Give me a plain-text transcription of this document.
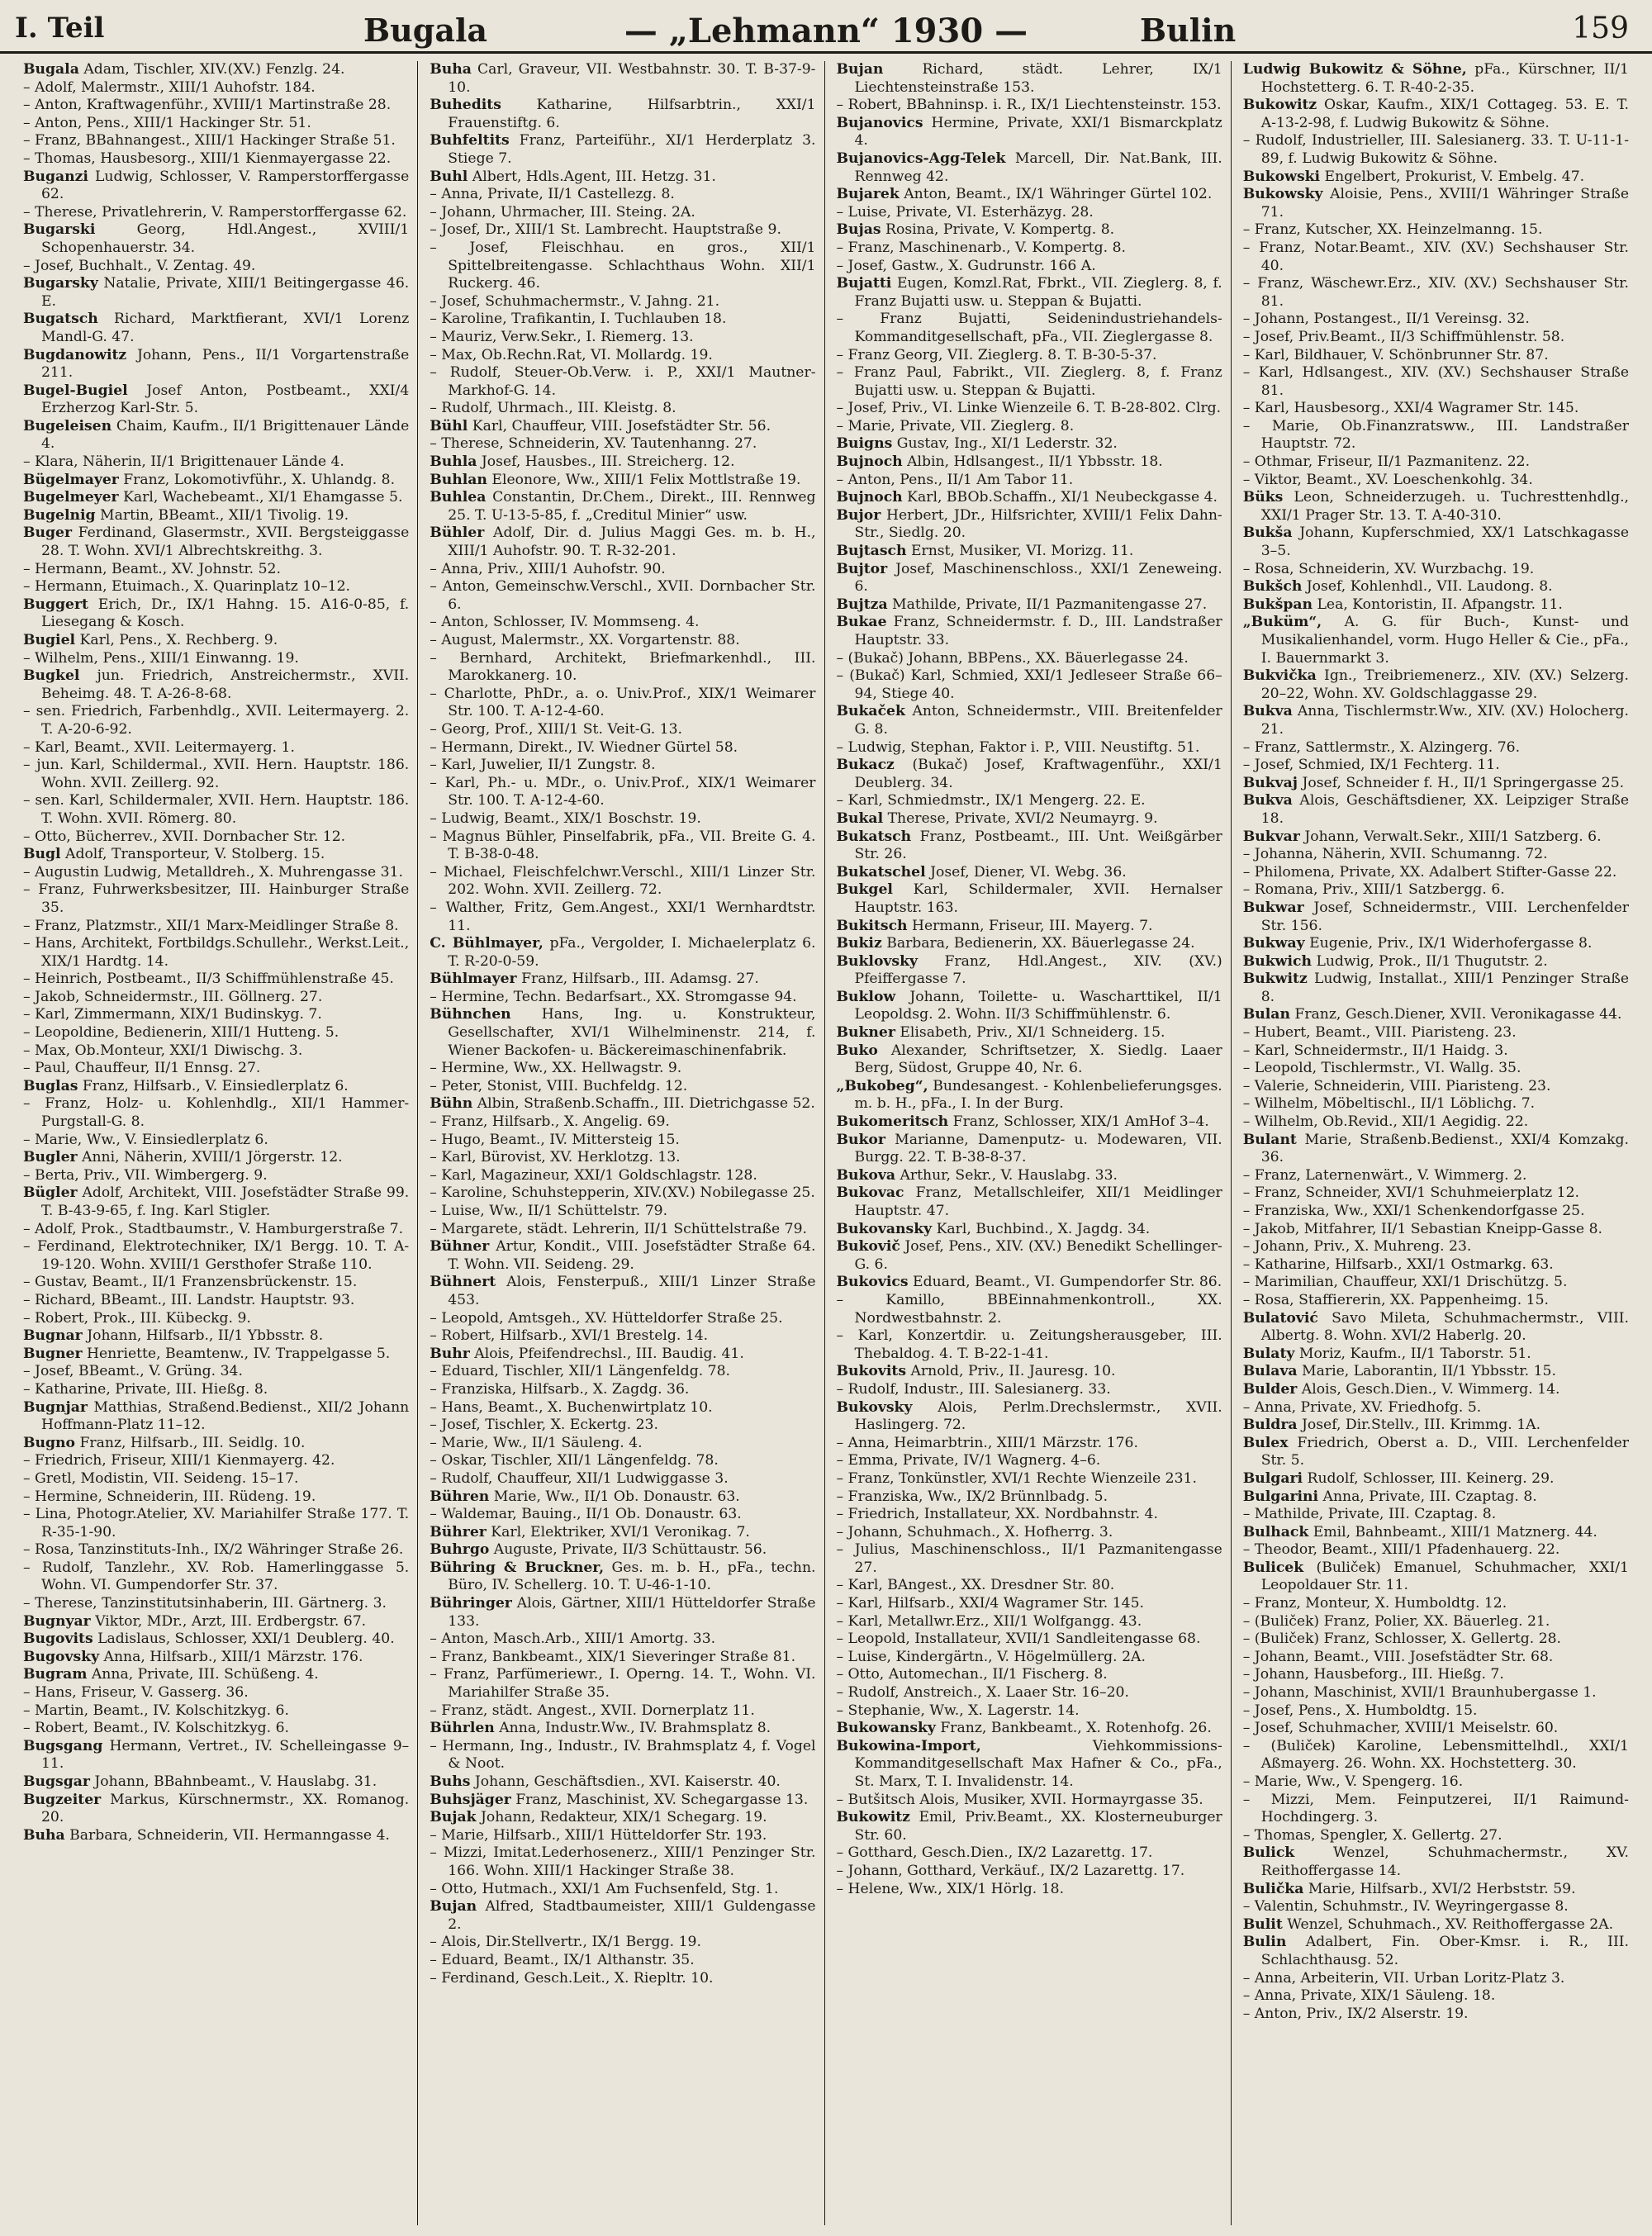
I. Teil	Bugala	— „Lehmann“ 1930 —	Bulin	159

Bugala Adam, Tischler, XIV.(XV.) Fenzlg. 24.

– Adolf, Malermstr., XIII/1 Auhofstr. 184.

– Anton, Kraftwagenführ., XVIII/1 Martinstraße 28.

– Anton, Pens., XIII/1 Hackinger Str. 51.

– Franz, BBahnangest., XIII/1 Hackinger Straße 51.

– Thomas, Hausbesorg., XIII/1 Kienmayergasse 22.

Buganzi Ludwig, Schlosser, V. Ramperstorffergasse 62.

– Therese, Privatlehrerin, V. Ramperstorffergasse 62.

Bugarski	Georg, Hdl.Angest., XVIII/1 Schopenhauerstr. 34.

– Josef, Buchhalt., V. Zentag. 49.

Bugarsky Natalie, Private, XIII/1 Beitingergasse 46. E.

Bugatsch Richard, Marktfierant, XVI/1 Lorenz Mandl-G. 47.

Bugdanowitz Johann, Pens., II/1 Vorgartenstraße 211.

Bugel-Bugiel Josef Anton, Postbeamt., XXI/4 Erzherzog Karl-Str. 5.

Bugeleisen Chaim, Kaufm., II/1 Brigittenauer Lände 4.

– Klara, Näherin, II/1 Brigittenauer Lände 4.

Bügelmayer Franz, Lokomotivführ., X. Uhlandg. 8.

Bugelmeyer Karl, Wachebeamt., XI/1 Ehamgasse 5.

Bugelnig Martin, BBeamt., XII/1 Tivolig. 19.

Buger Ferdinand, Glasermstr., XVII. Bergsteiggasse 28. T. Wohn. XVI/1 Albrechtskreithg. 3.

– Hermann, Beamt., XV. Johnstr. 52.

– Hermann, Etuimach., X. Quarinplatz 10–12.

Buggert Erich, Dr., IX/1 Hahng. 15. A16-0-85, f. Liesegang & Kosch.

Bugiel Karl, Pens., X. Rechberg. 9.

– Wilhelm, Pens., XIII/1 Einwanng. 19.

Bugkel jun. Friedrich, Anstreichermstr., XVII. Beheimg. 48. T. A-26-8-68.

– sen. Friedrich, Farbenhdlg., XVII. Leitermayerg. 2. T. A-20-6-92.

– Karl, Beamt., XVII. Leitermayerg. 1.

– jun. Karl, Schildermal., XVII. Hern. Hauptstr. 186. Wohn. XVII. Zeillerg. 92.

– sen. Karl, Schildermaler, XVII. Hern. Hauptstr. 186. T. Wohn. XVII. Römerg. 80.

– Otto, Bücherrev., XVII. Dornbacher Str. 12.

Bugl Adolf, Transporteur, V. Stolberg. 15.

– Augustin Ludwig, Metalldreh., X. Muhrengasse 31.

– Franz, Fuhrwerksbesitzer, III. Hainburger Straße 35.

– Franz, Platzmstr., XII/1 Marx-Meidlinger Straße 8.

– Hans, Architekt, Fortbildgs.Schullehr., Werkst.Leit., XIX/1 Hardtg. 14.

– Heinrich, Postbeamt., II/3 Schiffmühlenstraße 45.

– Jakob, Schneidermstr., III. Göllnerg. 27.

– Karl, Zimmermann, XIX/1 Budinskyg. 7.

– Leopoldine, Bedienerin, XIII/1 Hutteng. 5.

– Max, Ob.Monteur, XXI/1 Diwischg. 3.

– Paul, Chauffeur, II/1 Ennsg. 27.

Buglas Franz, Hilfsarb., V. Einsiedlerplatz 6.

– Franz, Holz- u. Kohlenhdlg., XII/1 Hammer-Purgstall-G. 8.

– Marie, Ww., V. Einsiedlerplatz 6.

Bugler Anni, Näherin, XVIII/1 Jörgerstr. 12.

– Berta, Priv., VII. Wimbergerg. 9.

Bügler Adolf, Architekt, VIII. Josefstädter Straße 99. T. B-43-9-65, f. Ing. Karl Stigler.

– Adolf, Prok., Stadtbaumstr., V. Hamburgerstraße 7.

– Ferdinand, Elektrotechniker, IX/1 Bergg. 10. T. A-19-120. Wohn. XVIII/1 Gersthofer Straße 110.

– Gustav, Beamt., II/1 Franzensbrückenstr. 15.

– Richard, BBeamt., III. Landstr. Hauptstr. 93.

– Robert, Prok., III. Kübeckg. 9.

Bugnar Johann, Hilfsarb., II/1 Ybbsstr. 8.

Bugner Henriette, Beamtenw., IV. Trappelgasse 5.

– Josef, BBeamt., V. Grüng. 34.

– Katharine, Private, III. Hießg. 8.

Bugnjar Matthias, Straßend.Bedienst., XII/2 Johann Hoffmann-Platz 11–12.

Bugno Franz, Hilfsarb., III. Seidlg. 10.

– Friedrich, Friseur, XIII/1 Kienmayerg. 42.

– Gretl, Modistin, VII. Seideng. 15–17.

– Hermine, Schneiderin, III. Rüdeng. 19.

– Lina, Photogr.Atelier, XV. Mariahilfer Straße 177. T. R-35-1-90.

– Rosa, Tanzinstituts-Inh., IX/2 Währinger Straße 26.

– Rudolf, Tanzlehr., XV. Rob. Hamerlinggasse 5. Wohn. VI. Gumpendorfer Str. 37.

– Therese, Tanzinstitutsinhaberin, III. Gärtnerg. 3.

Bugnyar Viktor, MDr., Arzt, III. Erdbergstr. 67.

Bugovits Ladislaus, Schlosser, XXI/1 Deublerg. 40.

Bugovsky Anna, Hilfsarb., XIII/1 Märzstr. 176.

Bugram Anna, Private, III. Schüßeng. 4.

– Hans, Friseur, V. Gasserg. 36.

– Martin, Beamt., IV. Kolschitzkyg. 6.

– Robert, Beamt., IV. Kolschitzkyg. 6.

Bugsgang Hermann, Vertret., IV. Schelleingasse 9–11.

Bugsgar Johann, BBahnbeamt., V. Hauslabg. 31.

Bugzeiter Markus, Kürschnermstr., XX. Romanog. 20.

Buha Barbara, Schneiderin, VII. Hermanngasse 4.

Buha Carl, Graveur, VII. Westbahnstr. 30. T. B-37-9-10.

Buhedits Katharine, Hilfsarbtrin., XXI/1 Frauenstiftg. 6.

Buhfeltits Franz, Parteiführ., XI/1 Herderplatz 3. Stiege 7.

Buhl Albert, Hdls.Agent, III. Hetzg. 31.

– Anna, Private, II/1 Castellezg. 8.

– Johann, Uhrmacher, III. Steing. 2A.

– Josef, Dr., XIII/1 St. Lambrecht. Hauptstraße 9.

– Josef, Fleischhau. en gros., XII/1 Spittelbreitengasse. Schlachthaus Wohn. XII/1 Ruckerg. 46.

– Josef, Schuhmachermstr., V. Jahng. 21.

– Karoline, Trafikantin, I. Tuchlauben 18.

– Mauriz, Verw.Sekr., I. Riemerg. 13.

– Max, Ob.Rechn.Rat, VI. Mollardg. 19.

– Rudolf, Steuer-Ob.Verw. i. P., XXI/1 Mautner-Markhof-G. 14.

– Rudolf, Uhrmach., III. Kleistg. 8.

Bühl Karl, Chauffeur, VIII. Josefstädter Str. 56.

– Therese, Schneiderin, XV. Tautenhanng. 27.

Buhla Josef, Hausbes., III. Streicherg. 12.

Buhlan Eleonore, Ww., XIII/1 Felix Mottlstraße 19.

Buhlea Constantin, Dr.Chem., Direkt., III. Rennweg 25. T. U-13-5-85, f. „Creditul Minier“ usw.

Bühler Adolf, Dir. d. Julius Maggi Ges. m. b. H., XIII/1 Auhofstr. 90. T. R-32-201.

– Anna, Priv., XIII/1 Auhofstr. 90.

– Anton, Gemeinschw.Verschl., XVII. Dornbacher Str. 6.

– Anton, Schlosser, IV. Mommseng. 4.

– August, Malermstr., XX. Vorgartenstr. 88.

– Bernhard, Architekt, Briefmarkenhdl., III. Marokkanerg. 10.

– Charlotte, PhDr., a. o. Univ.Prof., XIX/1 Weimarer Str. 100. T. A-12-4-60.

– Georg, Prof., XIII/1 St. Veit-G. 13.

– Hermann, Direkt., IV. Wiedner Gürtel 58.

– Karl, Juwelier, II/1 Zungstr. 8.

– Karl, Ph.- u. MDr., o. Univ.Prof., XIX/1 Weimarer Str. 100. T. A-12-4-60.

– Ludwig, Beamt., XIX/1 Boschstr. 19.

– Magnus Bühler, Pinselfabrik, pFa., VII. Breite G. 4. T. B-38-0-48.

– Michael, Fleischfelchwr.Verschl., XIII/1 Linzer Str. 202. Wohn. XVII. Zeillerg. 72.

– Walther, Fritz, Gem.Angest., XXI/1 Wernhardtstr. 11.

C. Bühlmayer, pFa., Vergolder, I. Michaelerplatz 6. T. R-20-0-59.

Bühlmayer Franz, Hilfsarb., III. Adamsg. 27.

– Hermine, Techn. Bedarfsart., XX. Stromgasse 94.

Bühnchen Hans, Ing. u. Konstrukteur, Gesellschafter, XVI/1 Wilhelminenstr. 214, f. Wiener Backofen- u. Bäckereimaschinenfabrik.

– Hermine, Ww., XX. Hellwagstr. 9.

– Peter, Stonist, VIII. Buchfeldg. 12.

Bühn Albin, Straßenb.Schaffn., III. Dietrichgasse 52.

– Franz, Hilfsarb., X. Angelig. 69.

– Hugo, Beamt., IV. Mittersteig 15.

– Karl, Bürovist, XV. Herklotzg. 13.

– Karl, Magazineur, XXI/1 Goldschlagstr. 128.

– Karoline, Schuhstepperin, XIV.(XV.) Nobilegasse 25.

– Luise, Ww., II/1 Schüttelstr. 79.

– Margarete, städt. Lehrerin, II/1 Schüttelstraße 79.

Bühner Artur, Kondit., VIII. Josefstädter Straße 64. T. Wohn. VII. Seideng. 29.

Bühnert Alois, Fensterpuß., XIII/1 Linzer Straße 453.

– Leopold, Amtsgeh., XV. Hütteldorfer Straße 25.

– Robert, Hilfsarb., XVI/1 Brestelg. 14.

Buhr Alois, Pfeifendrechsl., III. Baudig. 41.

– Eduard, Tischler, XII/1 Längenfeldg. 78.

– Franziska, Hilfsarb., X. Zagdg. 36.

– Hans, Beamt., X. Buchenwirtplatz 10.

– Josef, Tischler, X. Eckertg. 23.

– Marie, Ww., II/1 Säuleng. 4.

– Oskar, Tischler, XII/1 Längenfeldg. 78.

– Rudolf, Chauffeur, XII/1 Ludwiggasse 3.

Bühren Marie, Ww., II/1 Ob. Donaustr. 63.

– Waldemar, Bauing., II/1 Ob. Donaustr. 63.

Bührer Karl, Elektriker, XVI/1 Veronikag. 7.

Buhrgo Auguste, Private, II/3 Schüttaustr. 56.

Bühring & Bruckner, Ges. m. b. H., pFa., techn. Büro, IV. Schellerg. 10. T. U-46-1-10.

Bühringer Alois, Gärtner, XIII/1 Hütteldorfer Straße 133.

– Anton, Masch.Arb., XIII/1 Amortg. 33.

– Franz, Bankbeamt., XIX/1 Sieveringer Straße 81.

– Franz, Parfümeriewr., I. Operng. 14. T., Wohn. VI. Mariahilfer Straße 35.

– Franz, städt. Angest., XVII. Dornerplatz 11.

Bührlen Anna, Industr.Ww., IV. Brahmsplatz 8.

– Hermann, Ing., Industr., IV. Brahmsplatz 4, f. Vogel & Noot.

Buhs Johann, Geschäftsdien., XVI. Kaiserstr. 40.

Buhsjäger Franz, Maschinist, XV. Schegargasse 13.

Bujak Johann, Redakteur, XIX/1 Schegarg. 19.

– Marie, Hilfsarb., XIII/1 Hütteldorfer Str. 193.

– Mizzi, Imitat.Lederhosenerz., XIII/1 Penzinger Str. 166. Wohn. XIII/1 Hackinger Straße 38.

– Otto, Hutmach., XXI/1 Am Fuchsenfeld, Stg. 1.

Bujan Alfred, Stadtbaumeister, XIII/1 Guldengasse 2.

– Alois, Dir.Stellvertr., IX/1 Bergg. 19.

– Eduard, Beamt., IX/1 Althanstr. 35.

– Ferdinand, Gesch.Leit., X. Riepltr. 10.

Bujan	Richard, städt. Lehrer, IX/1 Liechtensteinstraße 153.

– Robert, BBahninsp. i. R., IX/1 Liechtensteinstr. 153.

Bujanovics Hermine, Private, XXI/1 Bismarckplatz 4.

Bujanovics-Agg-Telek Marcell, Dir. Nat.Bank, III. Rennweg 42.

Bujarek Anton, Beamt., IX/1 Währinger Gürtel 102.

– Luise, Private, VI. Esterhäzyg. 28.

Bujas Rosina, Private, V. Kompertg. 8.

– Franz, Maschinenarb., V. Kompertg. 8.

– Josef, Gastw., X. Gudrunstr. 166 A.

Bujatti Eugen, Komzl.Rat, Fbrkt., VII. Zieglerg. 8, f. Franz Bujatti usw. u. Steppan & Bujatti.

– Franz Bujatti, Seidenindustriehandels-Kommanditgesellschaft, pFa., VII. Zieglergasse 8.

– Franz Georg, VII. Zieglerg. 8. T. B-30-5-37.

– Franz Paul, Fabrikt., VII. Zieglerg. 8, f. Franz Bujatti usw. u. Steppan & Bujatti.

– Josef, Priv., VI. Linke Wienzeile 6. T. B-28-802. Clrg.

– Marie, Private, VII. Zieglerg. 8.

Buigns Gustav, Ing., XI/1 Lederstr. 32.

Bujnoch Albin, Hdlsangest., II/1 Ybbsstr. 18.

– Anton, Pens., II/1 Am Tabor 11.

Bujnoch Karl, BBOb.Schaffn., XI/1 Neubeckgasse 4.

Bujor Herbert, JDr., Hilfsrichter, XVIII/1 Felix Dahn-Str., Siedlg. 20.

Bujtasch Ernst, Musiker, VI. Morizg. 11.

Bujtor Josef, Maschinenschloss., XXI/1 Zeneweing. 6.

Bujtza Mathilde, Private, II/1 Pazmanitengasse 27.

Bukae Franz, Schneidermstr. f. D., III. Landstraßer Hauptstr. 33.

– (Bukač) Johann, BBPens., XX. Bäuerlegasse 24.

– (Bukač) Karl, Schmied, XXI/1 Jedleseer Straße 66–94, Stiege 40.

Bukaček Anton, Schneidermstr., VIII. Breitenfelder G. 8.

– Ludwig, Stephan, Faktor i. P., VIII. Neustiftg. 51.

Bukacz (Bukač) Josef, Kraftwagenführ., XXI/1 Deublerg. 34.

– Karl, Schmiedmstr., IX/1 Mengerg. 22. E.

Bukal Therese, Private, XVI/2 Neumayrg. 9.

Bukatsch Franz, Postbeamt., III. Unt. Weißgärber Str. 26.

Bukatschel Josef, Diener, VI. Webg. 36.

Bukgel Karl, Schildermaler, XVII. Hernalser Hauptstr. 163.

Bukitsch Hermann, Friseur, III. Mayerg. 7.

Bukiz Barbara, Bedienerin, XX. Bäuerlegasse 24.

Buklovsky Franz, Hdl.Angest., XIV. (XV.) Pfeiffergasse 7.

Buklow Johann, Toilette- u. Wascharttikel, II/1 Leopoldsg. 2. Wohn. II/3 Schiffmühlenstr. 6.

Bukner Elisabeth, Priv., XI/1 Schneiderg. 15.

Buko Alexander, Schriftsetzer, X. Siedlg. Laaer Berg, Südost, Gruppe 40, Nr. 6.

„Bukobeg“, Bundesangest. - Kohlenbelieferungsges. m. b. H., pFa., I. In der Burg.

Bukomeritsch Franz, Schlosser, XIX/1 AmHof 3–4.

Bukor Marianne, Damenputz- u. Modewaren, VII. Burgg. 22. T. B-38-8-37.

Bukova Arthur, Sekr., V. Hauslabg. 33.

Bukovac Franz, Metallschleifer, XII/1 Meidlinger Hauptstr. 47.

Bukovansky Karl, Buchbind., X. Jagdg. 34.

Bukovič Josef, Pens., XIV. (XV.) Benedikt Schellinger-G. 6.

Bukovics Eduard, Beamt., VI. Gumpendorfer Str. 86.

– Kamillo, BBEinnahmenkontroll., XX. Nordwestbahnstr. 2.

– Karl, Konzertdir. u. Zeitungsherausgeber, III. Thebaldog. 4. T. B-22-1-41.

Bukovits Arnold, Priv., II. Jauresg. 10.

– Rudolf, Industr., III. Salesianerg. 33.

Bukovsky Alois, Perlm.Drechslermstr., XVII. Haslingerg. 72.

– Anna, Heimarbtrin., XIII/1 Märzstr. 176.

– Emma, Private, IV/1 Wagnerg. 4–6.

– Franz, Tonkünstler, XVI/1 Rechte Wienzeile 231.

– Franziska, Ww., IX/2 Brünnlbadg. 5.

– Friedrich, Installateur, XX. Nordbahnstr. 4.

– Johann, Schuhmach., X. Hofherrg. 3.

– Julius, Maschinenschloss., II/1 Pazmanitengasse 27.

– Karl, BAngest., XX. Dresdner Str. 80.

– Karl, Hilfsarb., XXI/4 Wagramer Str. 145.

– Karl, Metallwr.Erz., XII/1 Wolfgangg. 43.

– Leopold, Installateur, XVII/1 Sandleitengasse 68.

– Luise, Kindergärtn., V. Högelmüllerg. 2A.

– Otto, Automechan., II/1 Fischerg. 8.

– Rudolf, Anstreich., X. Laaer Str. 16–20.

– Stephanie, Ww., X. Lagerstr. 14.

Bukowansky Franz, Bankbeamt., X. Rotenhofg. 26.

Bukowina-Import,	Viehkommissions-Kommanditgesellschaft Max Hafner & Co., pFa., St. Marx, T. I. Invalidenstr. 14.

– Butšitsch Alois, Musiker, XVII. Hormayrgasse 35.

Bukowitz Emil, Priv.Beamt., XX. Klosterneuburger Str. 60.

– Gotthard, Gesch.Dien., IX/2 Lazarettg. 17.

– Johann, Gotthard, Verkäuf., IX/2 Lazarettg. 17.

– Helene, Ww., XIX/1 Hörlg. 18.

Ludwig Bukowitz & Söhne, pFa., Kürschner, II/1 Hochstetterg. 6. T. R-40-2-35.

Bukowitz Oskar, Kaufm., XIX/1 Cottageg. 53. E. T. A-13-2-98, f. Ludwig Bukowitz & Söhne.

– Rudolf, Industrieller, III. Salesianerg. 33. T. U-11-1-89, f. Ludwig Bukowitz & Söhne.

Bukowski Engelbert, Prokurist, V. Embelg. 47.

Bukowsky Aloisie, Pens., XVIII/1 Währinger Straße 71.

– Franz, Kutscher, XX. Heinzelmanng. 15.

– Franz, Notar.Beamt., XIV. (XV.) Sechshauser Str. 40.

– Franz, Wäschewr.Erz., XIV. (XV.) Sechshauser Str. 81.

– Johann, Postangest., II/1 Vereinsg. 32.

– Josef, Priv.Beamt., II/3 Schiffmühlenstr. 58.

– Karl, Bildhauer, V. Schönbrunner Str. 87.

– Karl, Hdlsangest., XIV. (XV.) Sechshauser Straße 81.

– Karl, Hausbesorg., XXI/4 Wagramer Str. 145.

– Marie, Ob.Finanzratsww., III. Landstraßer Hauptstr. 72.

– Othmar, Friseur, II/1 Pazmanitenz. 22.

– Viktor, Beamt., XV. Loeschenkohlg. 34.

Büks Leon, Schneiderzugeh. u. Tuchresttenhdlg., XXI/1 Prager Str. 13. T. A-40-310.

Bukša Johann, Kupferschmied, XX/1 Latschkagasse 3–5.

– Rosa, Schneiderin, XV. Wurzbachg. 19.

Bukšch Josef, Kohlenhdl., VII. Laudong. 8.

Bukšpan Lea, Kontoristin, II. Afpangstr. 11.

„Buküm“, A. G. für Buch-, Kunst- und Musikalienhandel, vorm. Hugo Heller & Cie., pFa., I. Bauernmarkt 3.

Bukvička Ign., Treibriemenerz., XIV. (XV.) Selzerg. 20–22, Wohn. XV. Goldschlaggasse 29.

Bukva Anna, Tischlermstr.Ww., XIV. (XV.) Holocherg. 21.

– Franz, Sattlermstr., X. Alzingerg. 76.

– Josef, Schmied, IX/1 Fechterg. 11.

Bukvaj Josef, Schneider f. H., II/1 Springergasse 25.

Bukva Alois, Geschäftsdiener, XX. Leipziger Straße 18.

Bukvar Johann, Verwalt.Sekr., XIII/1 Satzberg. 6.

– Johanna, Näherin, XVII. Schumanng. 72.

– Philomena, Private, XX. Adalbert Stifter-Gasse 22.

– Romana, Priv., XIII/1 Satzbergg. 6.

Bukwar Josef, Schneidermstr., VIII. Lerchenfelder Str. 156.

Bukway Eugenie, Priv., IX/1 Widerhofergasse 8.

Bukwich Ludwig, Prok., II/1 Thugutstr. 2.

Bukwitz Ludwig, Installat., XIII/1 Penzinger Straße 8.

Bulan Franz, Gesch.Diener, XVII. Veronikagasse 44.

– Hubert, Beamt., VIII. Piaristeng. 23.

– Karl, Schneidermstr., II/1 Haidg. 3.

– Leopold, Tischlermstr., VI. Wallg. 35.

– Valerie, Schneiderin, VIII. Piaristeng. 23.

– Wilhelm, Möbeltischl., II/1 Löblichg. 7.

– Wilhelm, Ob.Revid., XII/1 Aegidig. 22.

Bulant Marie, Straßenb.Bedienst., XXI/4 Komzakg. 36.

– Franz, Laternenwärt., V. Wimmerg. 2.

– Franz, Schneider, XVI/1 Schuhmeierplatz 12.

– Franziska, Ww., XXI/1 Schenkendorfgasse 25.

– Jakob, Mitfahrer, II/1 Sebastian Kneipp-Gasse 8.

– Johann, Priv., X. Muhreng. 23.

– Katharine, Hilfsarb., XXI/1 Ostmarkg. 63.

– Marimilian, Chauffeur, XXI/1 Drischützg. 5.

– Rosa, Staffiererin, XX. Pappenheimg. 15.

Bulatović Savo Mileta, Schuhmachermstr., VIII. Albertg. 8. Wohn. XVI/2 Haberlg. 20.

Bulaty Moriz, Kaufm., II/1 Taborstr. 51.

Bulava Marie, Laborantin, II/1 Ybbsstr. 15.

Bulder Alois, Gesch.Dien., V. Wimmerg. 14.

– Anna, Private, XV. Friedhofg. 5.

Buldra Josef, Dir.Stellv., III. Krimmg. 1A.

Bulex Friedrich, Oberst a. D., VIII. Lerchenfelder Str. 5.

Bulgari Rudolf, Schlosser, III. Keinerg. 29.

Bulgarini Anna, Private, III. Czaptag. 8.

– Mathilde, Private, III. Czaptag. 8.

Bulhack Emil, Bahnbeamt., XIII/1 Matznerg. 44.

– Theodor, Beamt., XIII/1 Pfadenhauerg. 22.

Bulicek (Buliček) Emanuel, Schuhmacher, XXI/1 Leopoldauer Str. 11.

– Franz, Monteur, X. Humboldtg. 12.

– (Buliček) Franz, Polier, XX. Bäuerleg. 21.

– (Buliček) Franz, Schlosser, X. Gellertg. 28.

– Johann, Beamt., VIII. Josefstädter Str. 68.

– Johann, Hausbeforg., III. Hießg. 7.

– Johann, Maschinist, XVII/1 Braunhubergasse 1.

– Josef, Pens., X. Humboldtg. 15.

– Josef, Schuhmacher, XVIII/1 Meiselstr. 60.

– (Buliček) Karoline, Lebensmittelhdl., XXI/1 Aßmayerg. 26. Wohn. XX. Hochstetterg. 30.

– Marie, Ww., V. Spengerg. 16.

– Mizzi, Mem. Feinputzerei, II/1 Raimund-Hochdingerg. 3.

– Thomas, Spengler, X. Gellertg. 27.

Bulick	Wenzel, Schuhmachermstr., XV. Reithoffergasse 14.

Bulička Marie, Hilfsarb., XVI/2 Herbststr. 59.

– Valentin, Schuhmstr., IV. Weyringergasse 8.

Bulit Wenzel, Schuhmach., XV. Reithoffergasse 2A.

Bulin Adalbert, Fin. Ober-Kmsr. i. R., III. Schlachthausg. 52.

– Anna, Arbeiterin, VII. Urban Loritz-Platz 3.

– Anna, Private, XIX/1 Säuleng. 18.

– Anton, Priv., IX/2 Alserstr. 19.
